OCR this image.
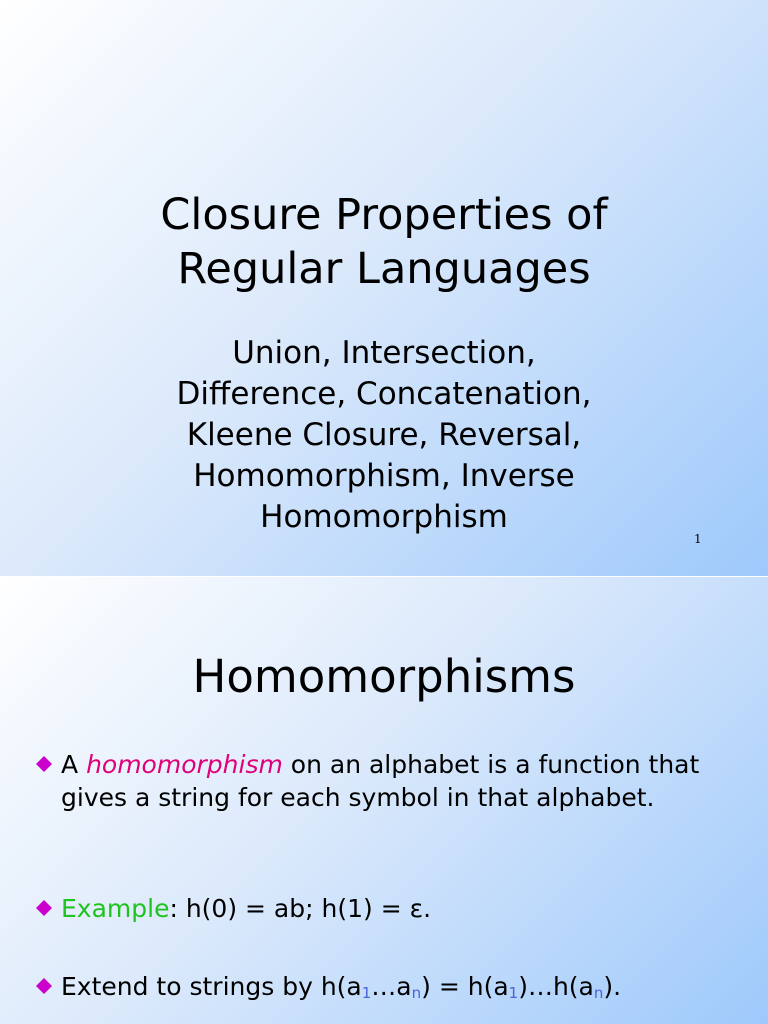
Closure Properties of
Regular Languages
Union, Intersection,
Difference, Concatenation,
Kleene Closure, Reversal,
Homomorphism, Inverse
Homomorphism
1
Homomorphisms
A homomorphism on an alphabet is a function that gives a string for each symbol in that alphabet.
Example: h(0) = ab; h(1) = ε.
Extend to strings by $h(a_1\dots a_n)$ = $h(a_1)\dots h(a_n)$.
